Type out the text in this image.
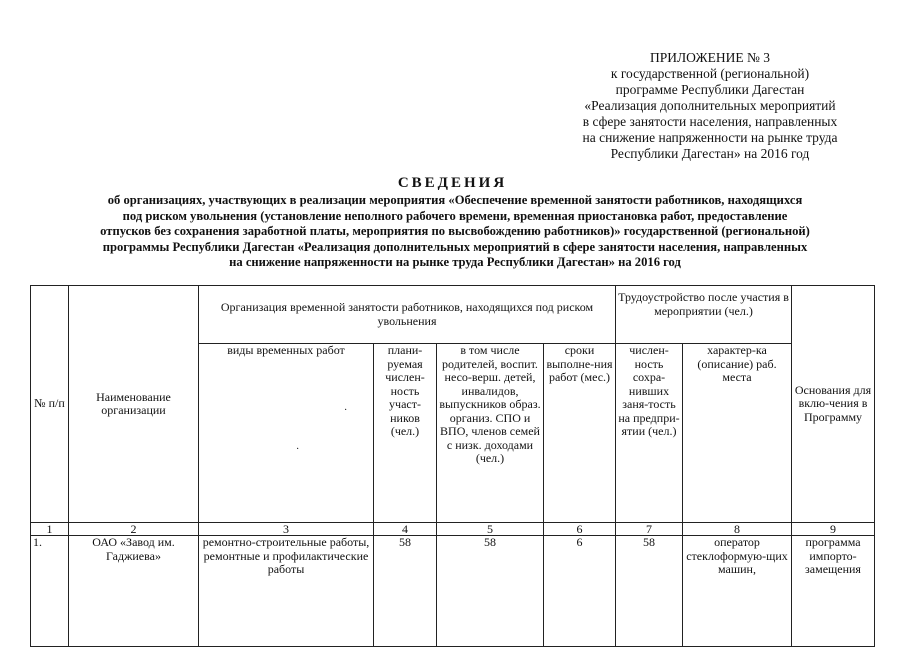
ПРИЛОЖЕНИЕ № 3
к государственной (региональной)
программе Республики Дагестан
«Реализация дополнительных мероприятий
в сфере занятости населения, направленных
на снижение напряженности на рынке труда
Республики Дагестан» на 2016 год
СВЕДЕНИЯ
об организациях, участвующих в реализации мероприятия «Обеспечение временной занятости работников, находящихся
под риском увольнения (установление неполного рабочего времени, временная приостановка работ, предоставление
отпусков без сохранения заработной платы, мероприятия по высвобождению работников)» государственной (региональной)
программы Республики Дагестан «Реализация дополнительных мероприятий в сфере занятости населения, направленных
на снижение напряженности на рынке труда Республики Дагестан» на 2016 год
№ п/п	Наименование организации	Организация временной занятости работников, находящихся под риском увольнения				Трудоустройство после участия в мероприятии (чел.)		Основания для вклю-чения в Программу
		виды временных работ	плани-руемая числен-ность участ-ников (чел.)	в том числе родителей, воспит. несо-верш. детей, инвалидов, выпускников образ. организ. СПО и ВПО, членов семей с низк. доходами (чел.)	сроки выполне-ния работ (мес.)	числен-ность сохра-нивших заня-тость на предпри-ятии (чел.)	характер-ка (описание) раб. места	
1	2	3	4	5	6	7	8	9
1.	ОАО «Завод им. Гаджиева»	ремонтно-строительные работы, ремонтные и профилактические работы	58	58	6	58	оператор стеклоформую-щих машин,	программа импорто-замещения
·
·
